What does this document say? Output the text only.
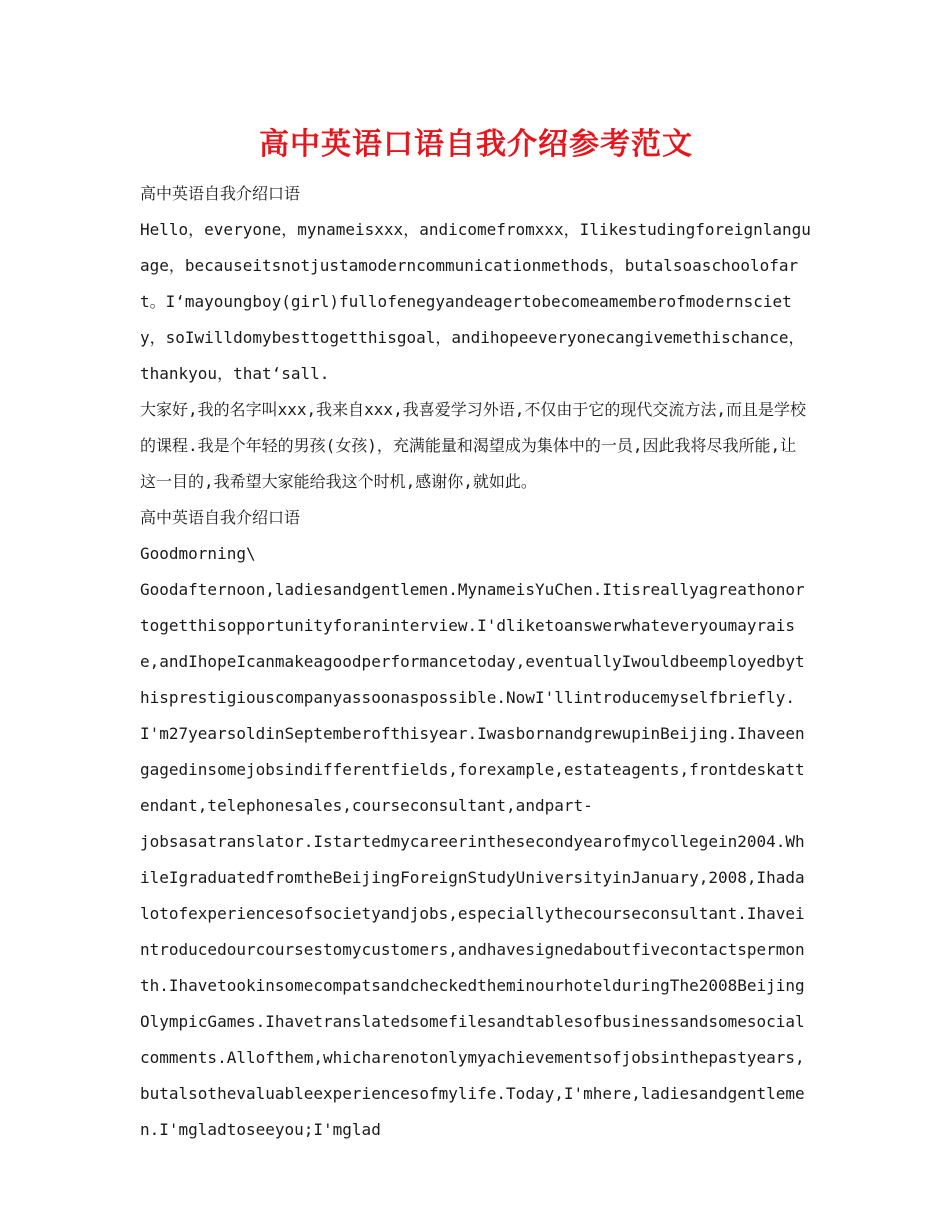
高中英语口语自我介绍参考范文

高中英语自我介绍口语

Hello，everyone，mynameisxxx，andicomefromxxx，Ilikestudingforeignlanguage，becauseitsnotjustamoderncommunicationmethods，butalsoaschoolofart。I‘mayoungboy(girl)fullofenegyandeagertobecomeamemberofmodernsciety，soIwilldomybesttogetthisgoal，andihopeeveryonecangivemethischance，thankyou，that‘sall.

大家好,我的名字叫xxx,我来自xxx,我喜爱学习外语,不仅由于它的现代交流方法,而且是学校的课程.我是个年轻的男孩(女孩)，充满能量和渴望成为集体中的一员,因此我将尽我所能,让这一目的,我希望大家能给我这个时机,感谢你,就如此。

高中英语自我介绍口语

Goodmorning\

Goodafternoon,ladiesandgentlemen.MynameisYuChen.Itisreallyagreathonortogetthisopportunityforaninterview.I'dliketoanswerwhateveryoumayraise,andIhopeIcanmakeagoodperformancetoday,eventuallyIwouldbeemployedbythisprestigiouscompanyassoonaspossible.NowI'llintroducemyselfbriefly.I'm27yearsoldinSeptemberofthisyear.IwasbornandgrewupinBeijing.Ihaveengagedinsomejobsindifferentfields,forexample,estateagents,frontdeskattendant,telephonesales,courseconsultant,andpart-

jobsasatranslator.Istartedmycareerinthesecondyearofmycollegein2004.WhileIgraduatedfromtheBeijingForeignStudyUniversityinJanuary,2008,Ihadalotofexperiencesofsocietyandjobs,especiallythecourseconsultant.Ihaveintroducedourcoursestomycustomers,andhavesignedaboutfivecontactspermonth.IhavetookinsomecompatsandcheckedtheminourhotelduringThe2008BeijingOlympicGames.Ihavetranslatedsomefilesandtablesofbusinessandsomesocialcomments.Allofthem,whicharenotonlymyachievementsofjobsinthepastyears,butalsothevaluableexperiencesofmylife.Today,I'mhere,ladiesandgentlemen.I'mgladtoseeyou;I'mglad
